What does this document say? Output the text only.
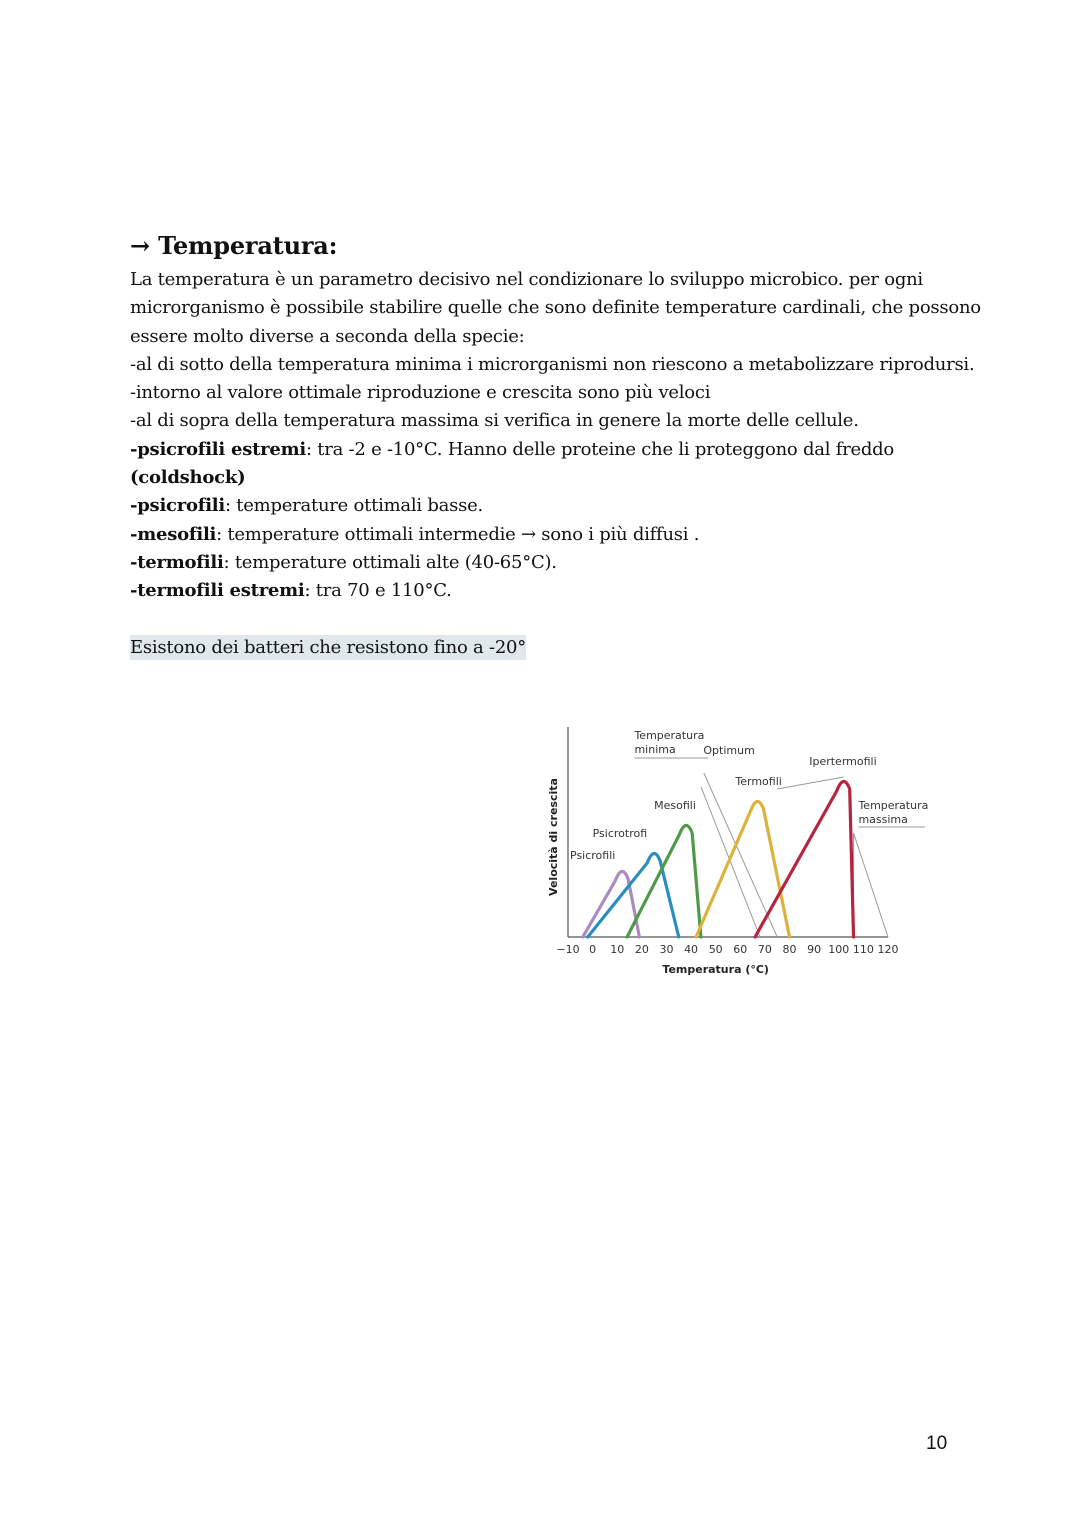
→ Temperatura:

La temperatura è un parametro decisivo nel condizionare lo sviluppo microbico. per ogni

microrganismo è possibile stabilire quelle che sono definite temperature cardinali, che possono

essere molto diverse a seconda della specie:

-al di sotto della temperatura minima i microrganismi non riescono a metabolizzare riprodursi.

-intorno al valore ottimale riproduzione e crescita sono più veloci

-al di sopra della temperatura massima si verifica in genere la morte delle cellule.

-psicrofili estremi: tra -2 e -10°C. Hanno delle proteine che li proteggono dal freddo

(coldshock)

-psicrofili: temperature ottimali basse.

-mesofili: temperature ottimali intermedie → sono i più diffusi .

-termofili: temperature ottimali alte (40-65°C).

-termofili estremi: tra 70 e 110°C.

Esistono dei batteri che resistono fino a -20°
−10 0 10 20 30 40 50 60 70 80 90 100 110 120
Temperatura (°C)
Velocità di crescita
Temperatura
minima	Optimum
Temperatura
massima
Psicrofili
Psicrotrofi
Mesofili
Termofili
Ipertermofili
10
